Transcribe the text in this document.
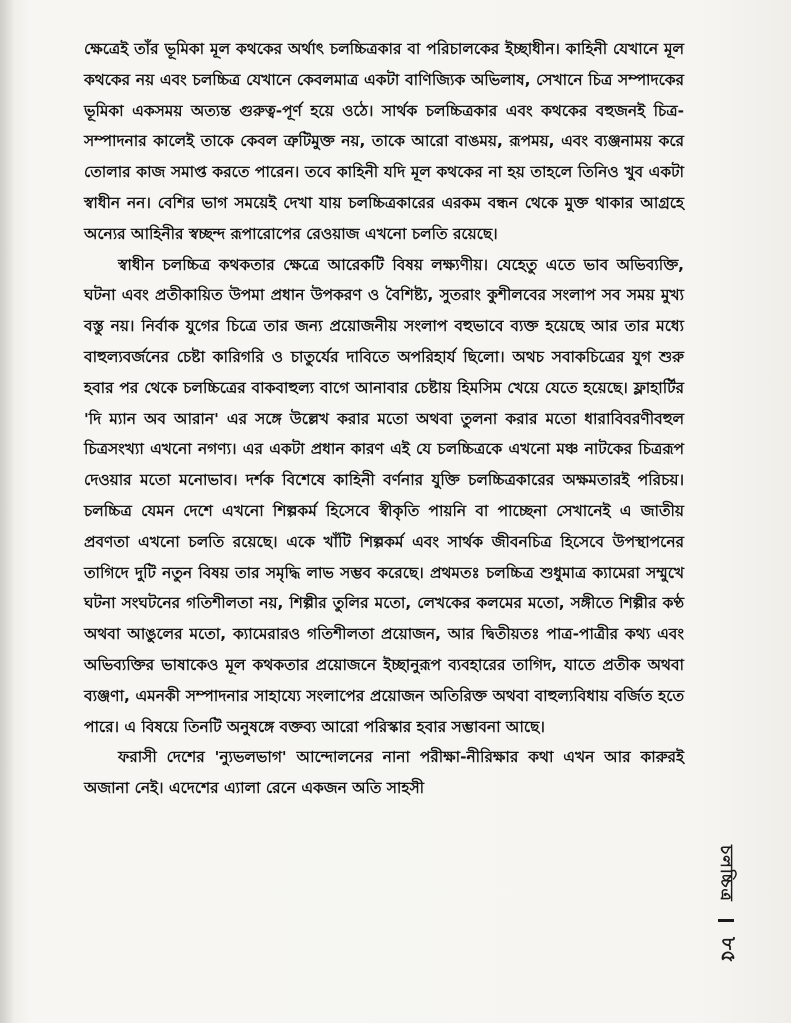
ক্ষেত্রেই তাঁর ভূমিকা মূল কথকের অর্থাৎ চলচ্চিত্রকার বা পরিচালকের ইচ্ছাধীন। কাহিনী যেখানে মূল কথকের নয় এবং চলচ্চিত্র যেখানে কেবলমাত্র একটা বাণিজ্যিক অভিলাষ, সেখানে চিত্র সম্পাদকের ভূমিকা একসময় অত্যন্ত গুরুত্ব-পূর্ণ হয়ে ওঠে। সার্থক চলচ্চিত্রকার এবং কথকের বহুজনই চিত্র-সম্পাদনার কালেই তাকে কেবল ত্রুটিমুক্ত নয়, তাকে আরো বাঙময়, রূপময়, এবং ব্যঞ্জনাময় করে তোলার কাজ সমাপ্ত করতে পারেন। তবে কাহিনী যদি মূল কথকের না হয় তাহলে তিনিও খুব একটা স্বাধীন নন। বেশির ভাগ সময়েই দেখা যায় চলচ্চিত্রকারের এরকম বন্ধন থেকে মুক্ত থাকার আগ্রহে অন্যের আহিনীর স্বচ্ছন্দ রূপারোপের রেওয়াজ এখনো চলতি রয়েছে।

স্বাধীন চলচ্চিত্র কথকতার ক্ষেত্রে আরেকটি বিষয় লক্ষ্যণীয়। যেহেতু এতে ভাব অভিব্যক্তি, ঘটনা এবং প্রতীকায়িত উপমা প্রধান উপকরণ ও বৈশিষ্ট্য, সুতরাং কুশীলবের সংলাপ সব সময় মুখ্য বস্তু নয়। নির্বাক যুগের চিত্রে তার জন্য প্রয়োজনীয় সংলাপ বহুভাবে ব্যক্ত হয়েছে আর তার মধ্যে বাহুল্যবর্জনের চেষ্টা কারিগরি ও চাতুর্যের দাবিতে অপরিহার্য ছিলো। অথচ সবাকচিত্রের যুগ শুরু হবার পর থেকে চলচ্চিত্রের বাকবাহুল্য বাগে আনাবার চেষ্টায় হিমসিম খেয়ে যেতে হয়েছে। ফ্লাহার্টির 'দি ম্যান অব আরান' এর সঙ্গে উল্লেখ করার মতো অথবা তুলনা করার মতো ধারাবিবরণীবহুল চিত্রসংখ্যা এখনো নগণ্য। এর একটা প্রধান কারণ এই যে চলচ্চিত্রকে এখনো মঞ্চ নাটকের চিত্ররূপ দেওয়ার মতো মনোভাব। দর্শক বিশেষে কাহিনী বর্ণনার যুক্তি চলচ্চিত্রকারের অক্ষমতারই পরিচয়। চলচ্চিত্র যেমন দেশে এখনো শিল্পকর্ম হিসেবে স্বীকৃতি পায়নি বা পাচ্ছেনা সেখানেই এ জাতীয় প্রবণতা এখনো চলতি রয়েছে। একে খাঁটি শিল্পকর্ম এবং সার্থক জীবনচিত্র হিসেবে উপস্থাপনের তাগিদে দুটি নতুন বিষয় তার সমৃদ্ধি লাভ সম্ভব করেছে। প্রথমতঃ চলচ্চিত্র শুধুমাত্র ক্যামেরা সম্মুখে ঘটনা সংঘটনের গতিশীলতা নয়, শিল্পীর তুলির মতো, লেখকের কলমের মতো, সঙ্গীতে শিল্পীর কণ্ঠ অথবা আঙুলের মতো, ক্যামেরারও গতিশীলতা প্রয়োজন, আর দ্বিতীয়তঃ পাত্র-পাত্রীর কথ্য এবং অভিব্যক্তির ভাষাকেও মূল কথকতার প্রয়োজনে ইচ্ছানুরূপ ব্যবহারের তাগিদ, যাতে প্রতীক অথবা ব্যঞ্জণা, এমনকী সম্পাদনার সাহায্যে সংলাপের প্রয়োজন অতিরিক্ত অথবা বাহুল্যবিধায় বর্জিত হতে পারে। এ বিষয়ে তিনটি অনুষঙ্গে বক্তব্য আরো পরিস্কার হবার সম্ভাবনা আছে।

ফরাসী দেশের 'ন্যুভলভাগ' আন্দোলনের নানা পরীক্ষা-নীরিক্ষার কথা এখন আর কারুরই অজানা নেই। এদেশের এ্যালা রেনে একজন অতি সাহসী

চলচ্চিত্র
৮৫
